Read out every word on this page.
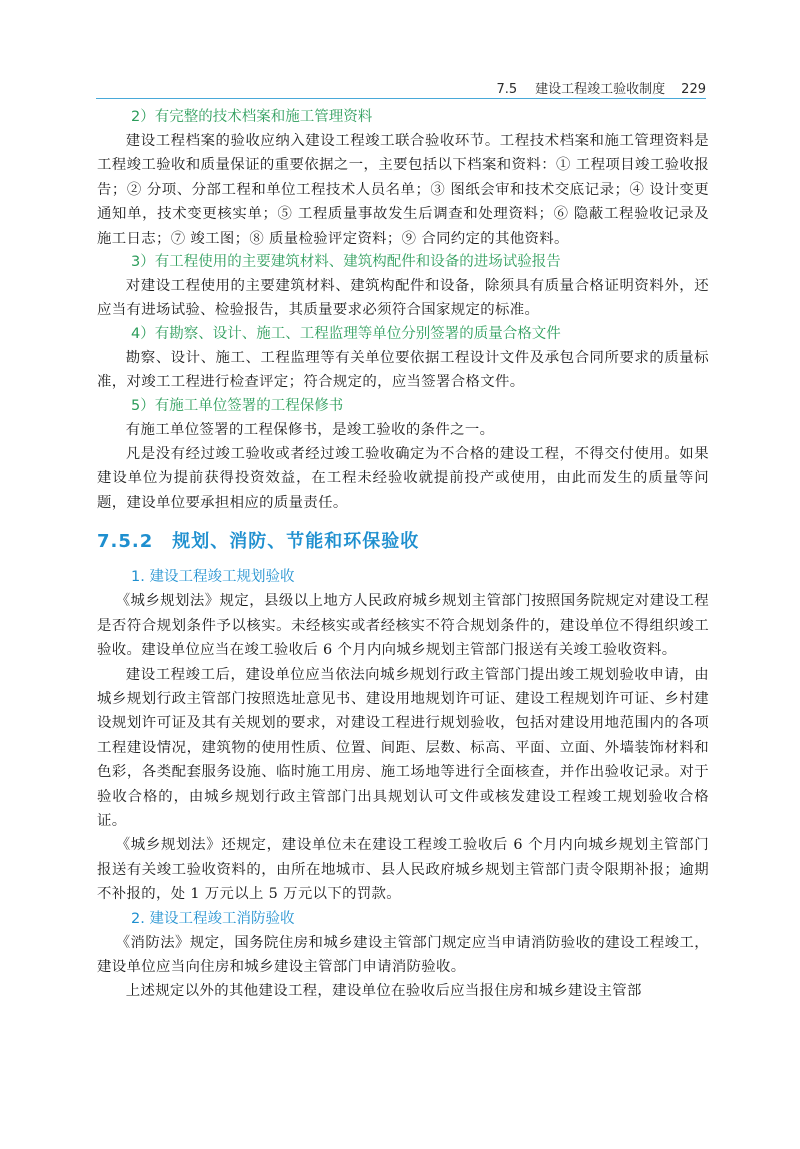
7.5 建设工程竣工验收制度 229
2）有完整的技术档案和施工管理资料

建设工程档案的验收应纳入建设工程竣工联合验收环节。工程技术档案和施工管理资料是工程竣工验收和质量保证的重要依据之一，主要包括以下档案和资料：① 工程项目竣工验收报告；② 分项、分部工程和单位工程技术人员名单；③ 图纸会审和技术交底记录；④ 设计变更通知单，技术变更核实单；⑤ 工程质量事故发生后调查和处理资料；⑥ 隐蔽工程验收记录及施工日志；⑦ 竣工图；⑧ 质量检验评定资料；⑨ 合同约定的其他资料。

3）有工程使用的主要建筑材料、建筑构配件和设备的进场试验报告

对建设工程使用的主要建筑材料、建筑构配件和设备，除须具有质量合格证明资料外，还应当有进场试验、检验报告，其质量要求必须符合国家规定的标准。

4）有勘察、设计、施工、工程监理等单位分别签署的质量合格文件

勘察、设计、施工、工程监理等有关单位要依据工程设计文件及承包合同所要求的质量标准，对竣工工程进行检查评定；符合规定的，应当签署合格文件。

5）有施工单位签署的工程保修书

有施工单位签署的工程保修书，是竣工验收的条件之一。

凡是没有经过竣工验收或者经过竣工验收确定为不合格的建设工程，不得交付使用。如果建设单位为提前获得投资效益，在工程未经验收就提前投产或使用，由此而发生的质量等问题，建设单位要承担相应的质量责任。

7.5.2　规划、消防、节能和环保验收
1. 建设工程竣工规划验收

《城乡规划法》规定，县级以上地方人民政府城乡规划主管部门按照国务院规定对建设工程是否符合规划条件予以核实。未经核实或者经核实不符合规划条件的，建设单位不得组织竣工验收。建设单位应当在竣工验收后 6 个月内向城乡规划主管部门报送有关竣工验收资料。

建设工程竣工后，建设单位应当依法向城乡规划行政主管部门提出竣工规划验收申请，由城乡规划行政主管部门按照选址意见书、建设用地规划许可证、建设工程规划许可证、乡村建设规划许可证及其有关规划的要求，对建设工程进行规划验收，包括对建设用地范围内的各项工程建设情况，建筑物的使用性质、位置、间距、层数、标高、平面、立面、外墙装饰材料和色彩，各类配套服务设施、临时施工用房、施工场地等进行全面核查，并作出验收记录。对于验收合格的，由城乡规划行政主管部门出具规划认可文件或核发建设工程竣工规划验收合格证。

《城乡规划法》还规定，建设单位未在建设工程竣工验收后 6 个月内向城乡规划主管部门报送有关竣工验收资料的，由所在地城市、县人民政府城乡规划主管部门责令限期补报；逾期不补报的，处 1 万元以上 5 万元以下的罚款。

2. 建设工程竣工消防验收

《消防法》规定，国务院住房和城乡建设主管部门规定应当申请消防验收的建设工程竣工，建设单位应当向住房和城乡建设主管部门申请消防验收。

上述规定以外的其他建设工程，建设单位在验收后应当报住房和城乡建设主管部
